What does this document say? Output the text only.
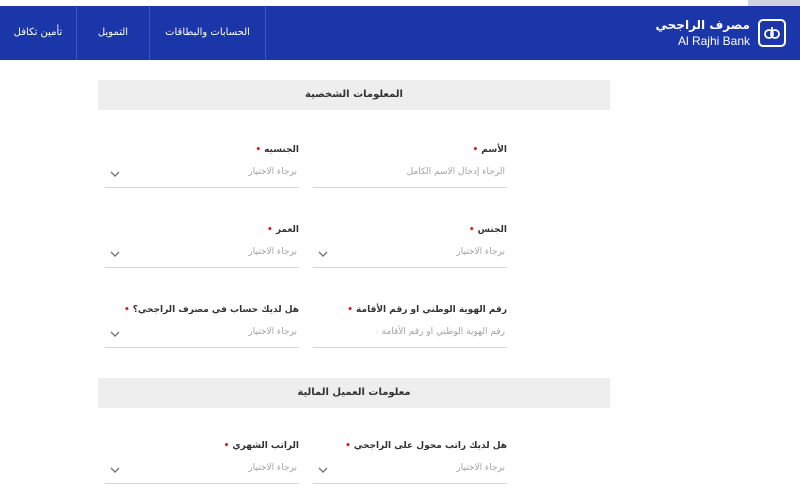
تأمين تكافل	التمويل	الحسابات والبطاقات
مصرف الراجحي
Al Rajhi Bank
المعلومات الشخصية
الأسم•
الرجاء إدخال الاسم الكامل
الجنسيه•
برجاء الاختيار
الجنس•
برجاء الاختيار
العمر•
برجاء الاختيار
رقم الهوية الوطني او رقم الأقامة•
رقم الهوية الوطني او رقم الأقامة
هل لديك حساب في مصرف الراجحي؟•
برجاء الاختيار
معلومات العميل المالية
هل لديك راتب محول على الراجحي•
برجاء الاختيار
الراتب الشهري•
برجاء الاختيار
